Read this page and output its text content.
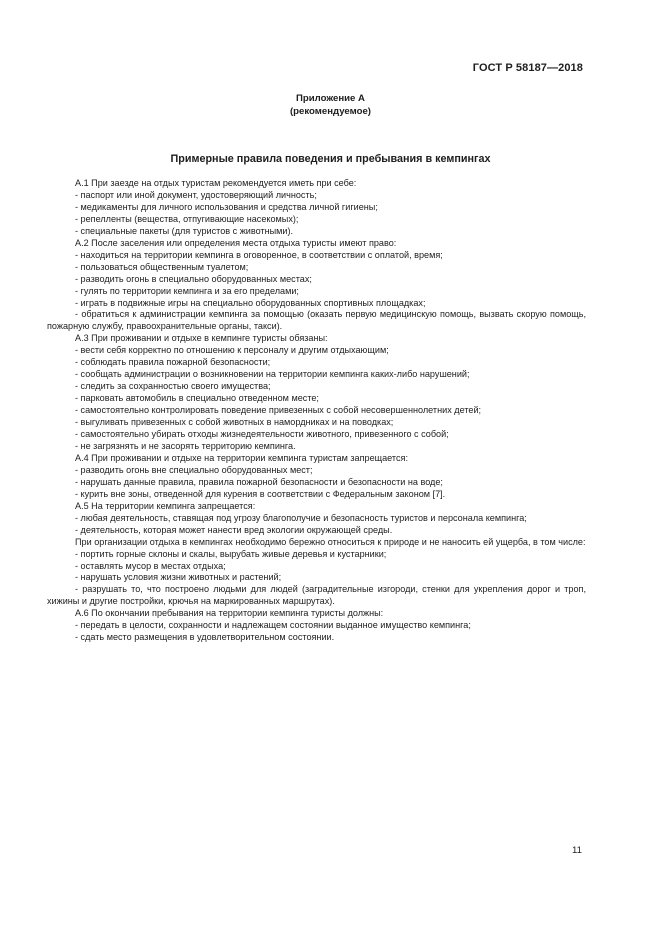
ГОСТ Р 58187—2018
Приложение А
(рекомендуемое)
Примерные правила поведения и пребывания в кемпингах

А.1 При заезде на отдых туристам рекомендуется иметь при себе:

- паспорт или иной документ, удостоверяющий личность;

- медикаменты для личного использования и средства личной гигиены;

- репелленты (вещества, отпугивающие насекомых);

- специальные пакеты (для туристов с животными).

А.2 После заселения или определения места отдыха туристы имеют право:

- находиться на территории кемпинга в оговоренное, в соответствии с оплатой, время;

- пользоваться общественным туалетом;

- разводить огонь в специально оборудованных местах;

- гулять по территории кемпинга и за его пределами;

- играть в подвижные игры на специально оборудованных спортивных площадках;

- обратиться к администрации кемпинга за помощью (оказать первую медицинскую помощь, вызвать скорую помощь, пожарную службу, правоохранительные органы, такси).

А.3 При проживании и отдыхе в кемпинге туристы обязаны:

- вести себя корректно по отношению к персоналу и другим отдыхающим;

- соблюдать правила пожарной безопасности;

- сообщать администрации о возникновении на территории кемпинга каких-либо нарушений;

- следить за сохранностью своего имущества;

- парковать автомобиль в специально отведенном месте;

- самостоятельно контролировать поведение привезенных с собой несовершеннолетних детей;

- выгуливать привезенных с собой животных в намордниках и на поводках;

- самостоятельно убирать отходы жизнедеятельности животного, привезенного с собой;

- не загрязнять и не засорять территорию кемпинга.

А.4 При проживании и отдыхе на территории кемпинга туристам запрещается:

- разводить огонь вне специально оборудованных мест;

- нарушать данные правила, правила пожарной безопасности и безопасности на воде;

- курить вне зоны, отведенной для курения в соответствии с Федеральным законом [7].

А.5 На территории кемпинга запрещается:

- любая деятельность, ставящая под угрозу благополучие и безопасность туристов и персонала кемпинга;

- деятельность, которая может нанести вред экологии окружающей среды.

При организации отдыха в кемпингах необходимо бережно относиться к природе и не наносить ей ущерба, в том числе:

- портить горные склоны и скалы, вырубать живые деревья и кустарники;

- оставлять мусор в местах отдыха;

- нарушать условия жизни животных и растений;

- разрушать то, что построено людьми для людей (заградительные изгороди, стенки для укрепления дорог и троп, хижины и другие постройки, крючья на маркированных маршрутах).

А.6 По окончании пребывания на территории кемпинга туристы должны:

- передать в целости, сохранности и надлежащем состоянии выданное имущество кемпинга;

- сдать место размещения в удовлетворительном состоянии.

11
